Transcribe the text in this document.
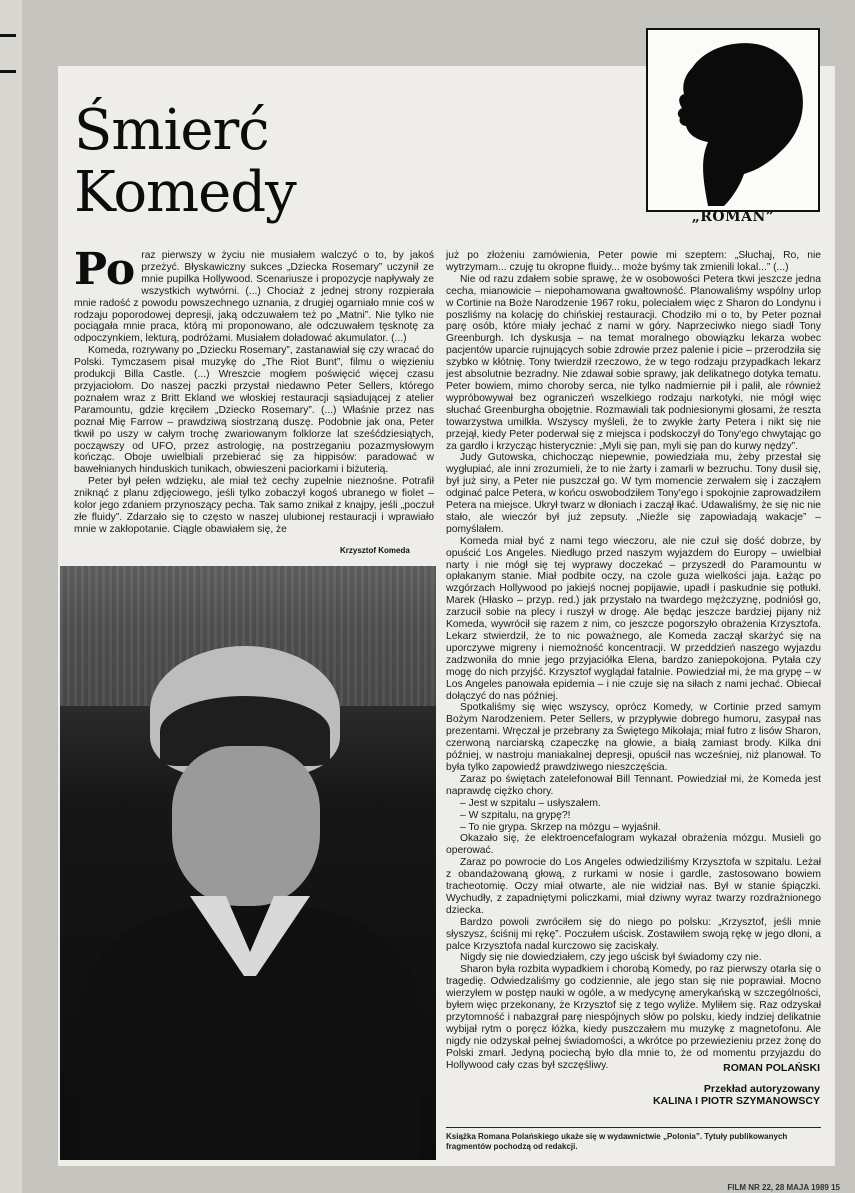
Śmierć
Komedy	„ROMAN”
Po raz pierwszy w życiu nie musiałem walczyć o to, by jakoś przeżyć. Błyskawiczny sukces „Dziecka Rosemary” uczynił ze mnie pupilka Hollywood. Scenariusze i propozycje napływały ze wszystkich wytwórni. (...) Chociaż z jednej strony rozpierała mnie radość z powodu powszechnego uznania, z drugiej ogarniało mnie coś w rodzaju poporodowej depresji, jaką odczuwałem też po „Matni”. Nie tylko nie pociągała mnie praca, którą mi proponowano, ale odczuwałem tęsknotę za odpoczynkiem, lekturą, podróżami. Musiałem doładować akumulator. (...)

Komeda, rozrywany po „Dziecku Rosemary”, zastanawiał się czy wracać do Polski. Tymczasem pisał muzykę do „The Riot Bunt”, filmu o więzieniu produkcji Billa Castle. (...) Wreszcie mogłem poświęcić więcej czasu przyjaciołom. Do naszej paczki przystał niedawno Peter Sellers, którego poznałem wraz z Britt Ekland we włoskiej restauracji sąsiadującej z atelier Paramountu, gdzie kręciłem „Dziecko Rosemary”. (...) Właśnie przez nas poznał Mię Farrow – prawdziwą siostrzaną duszę. Podobnie jak ona, Peter tkwił po uszy w całym trochę zwariowanym folklorze lat sześćdziesiątych, począwszy od UFO, przez astrologię, na postrzeganiu pozazmysłowym kończąc. Oboje uwielbiali przebierać się za hippisów: paradować w bawełnianych hinduskich tunikach, obwieszeni paciorkami i biżuterią.

Peter był pełen wdzięku, ale miał też cechy zupełnie nieznośne. Potrafił zniknąć z planu zdjęciowego, jeśli tylko zobaczył kogoś ubranego w fiolet – kolor jego zdaniem przynoszący pecha. Tak samo znikał z knajpy, jeśli „poczuł złe fluidy”. Zdarzało się to często w naszej ulubionej restauracji i wprawiało mnie w zakłopotanie. Ciągle obawiałem się, że

Krzysztof Komeda

już po złożeniu zamówienia, Peter powie mi szeptem: „Słuchaj, Ro, nie wytrzymam... czuję tu okropne fluidy... może byśmy tak zmienili lokal...” (...)

Nie od razu zdałem sobie sprawę, że w osobowości Petera tkwi jeszcze jedna cecha, mianowicie – niepohamowana gwałtowność. Planowaliśmy wspólny urlop w Cortinie na Boże Narodzenie 1967 roku, poleciałem więc z Sharon do Londynu i poszliśmy na kolację do chińskiej restauracji. Chodziło mi o to, by Peter poznał parę osób, które miały jechać z nami w góry. Naprzeciwko niego siadł Tony Greenburgh. Ich dyskusja – na temat moralnego obowiązku lekarza wobec pacjentów uparcie rujnujących sobie zdrowie przez palenie i picie – przerodziła się szybko w kłótnię. Tony twierdził rzeczowo, że w tego rodzaju przypadkach lekarz jest absolutnie bezradny. Nie zdawał sobie sprawy, jak delikatnego dotyka tematu. Peter bowiem, mimo choroby serca, nie tylko nadmiernie pił i palił, ale również wypróbowywał bez ograniczeń wszelkiego rodzaju narkotyki, nie mógł więc słuchać Greenburgha obojętnie. Rozmawiali tak podniesionymi głosami, że reszta towarzystwa umilkła. Wszyscy myśleli, że to zwykłe żarty Petera i nikt się nie przejął, kiedy Peter poderwał się z miejsca i podskoczył do Tony'ego chwytając go za gardło i krzycząc histerycznie: „Myli się pan, myli się pan do kurwy nędzy”.

Judy Gutowska, chichocząc niepewnie, powiedziała mu, żeby przestał się wygłupiać, ale inni zrozumieli, że to nie żarty i zamarli w bezruchu. Tony dusił się, był już siny, a Peter nie puszczał go. W tym momencie zerwałem się i zacząłem odginać palce Petera, w końcu oswobodziłem Tony'ego i spokojnie zaprowadziłem Petera na miejsce. Ukrył twarz w dłoniach i zaczął łkać. Udawaliśmy, że się nic nie stało, ale wieczór był już zepsuty. „Nieźle się zapowiadają wakacje” – pomyślałem.

Komeda miał być z nami tego wieczoru, ale nie czuł się dość dobrze, by opuścić Los Angeles. Niedługo przed naszym wyjazdem do Europy – uwielbiał narty i nie mógł się tej wyprawy doczekać – przyszedł do Paramountu w opłakanym stanie. Miał podbite oczy, na czole guza wielkości jaja. Łażąc po wzgórzach Hollywood po jakiejś nocnej popijawie, upadł i paskudnie się potłukł. Marek (Hłasko – przyp. red.) jak przystało na twardego mężczyznę, podniósł go, zarzucił sobie na plecy i ruszył w drogę. Ale będąc jeszcze bardziej pijany niż Komeda, wywrócił się razem z nim, co jeszcze pogorszyło obrażenia Krzysztofa. Lekarz stwierdził, że to nic poważnego, ale Komeda zaczął skarżyć się na uporczywe migreny i niemożność koncentracji. W przeddzień naszego wyjazdu zadzwoniła do mnie jego przyjaciółka Elena, bardzo zaniepokojona. Pytała czy mogę do nich przyjść. Krzysztof wyglądał fatalnie. Powiedział mi, że ma grypę – w Los Angeles panowała epidemia – i nie czuje się na siłach z nami jechać. Obiecał dołączyć do nas później.

Spotkaliśmy się więc wszyscy, oprócz Komedy, w Cortinie przed samym Bożym Narodzeniem. Peter Sellers, w przypływie dobrego humoru, zasypał nas prezentami. Wręczał je przebrany za Świętego Mikołaja; miał futro z lisów Sharon, czerwoną narciarską czapeczkę na głowie, a białą zamiast brody. Kilka dni później, w nastroju maniakalnej depresji, opuścił nas wcześniej, niż planował. To była tylko zapowiedź prawdziwego nieszczęścia.

Zaraz po świętach zatelefonował Bill Tennant. Powiedział mi, że Komeda jest naprawdę ciężko chory.

– Jest w szpitalu – usłyszałem.

– W szpitalu, na grypę?!

– To nie grypa. Skrzep na mózgu – wyjaśnił.

Okazało się, że elektroencefalogram wykazał obrażenia mózgu. Musieli go operować.

Zaraz po powrocie do Los Angeles odwiedziliśmy Krzysztofa w szpitalu. Leżał z obandażowaną głową, z rurkami w nosie i gardle, zastosowano bowiem tracheotomię. Oczy miał otwarte, ale nie widział nas. Był w stanie śpiączki. Wychudły, z zapadniętymi policzkami, miał dziwny wyraz twarzy rozdrażnionego dziecka.

Bardzo powoli zwróciłem się do niego po polsku: „Krzysztof, jeśli mnie słyszysz, ściśnij mi rękę”. Poczułem uścisk. Zostawiłem swoją rękę w jego dłoni, a palce Krzysztofa nadal kurczowo się zaciskały.

Nigdy się nie dowiedziałem, czy jego uścisk był świadomy czy nie.

Sharon była rozbita wypadkiem i chorobą Komedy, po raz pierwszy otarła się o tragedię. Odwiedzaliśmy go codziennie, ale jego stan się nie poprawiał. Mocno wierzyłem w postęp nauki w ogóle, a w medycynę amerykańską w szczególności, byłem więc przekonany, że Krzysztof się z tego wyliże. Myliłem się. Raz odzyskał przytomność i nabazgrał parę niespójnych słów po polsku, kiedy indziej delikatnie wybijał rytm o poręcz łóżka, kiedy puszczałem mu muzykę z magnetofonu. Ale nigdy nie odzyskał pełnej świadomości, a wkrótce po przewiezieniu przez żonę do Polski zmarł. Jedyną pociechą było dla mnie to, że od momentu przyjazdu do Hollywood cały czas był szczęśliwy.	ROMAN POLAŃSKI
Przekład autoryzowany
KALINA I PIOTR SZYMANOWSCY
Książka Romana Polańskiego ukaże się w wydawnictwie „Polonia”. Tytuły publikowanych fragmentów pochodzą od redakcji.
FILM NR 22, 28 MAJA 1989 15
